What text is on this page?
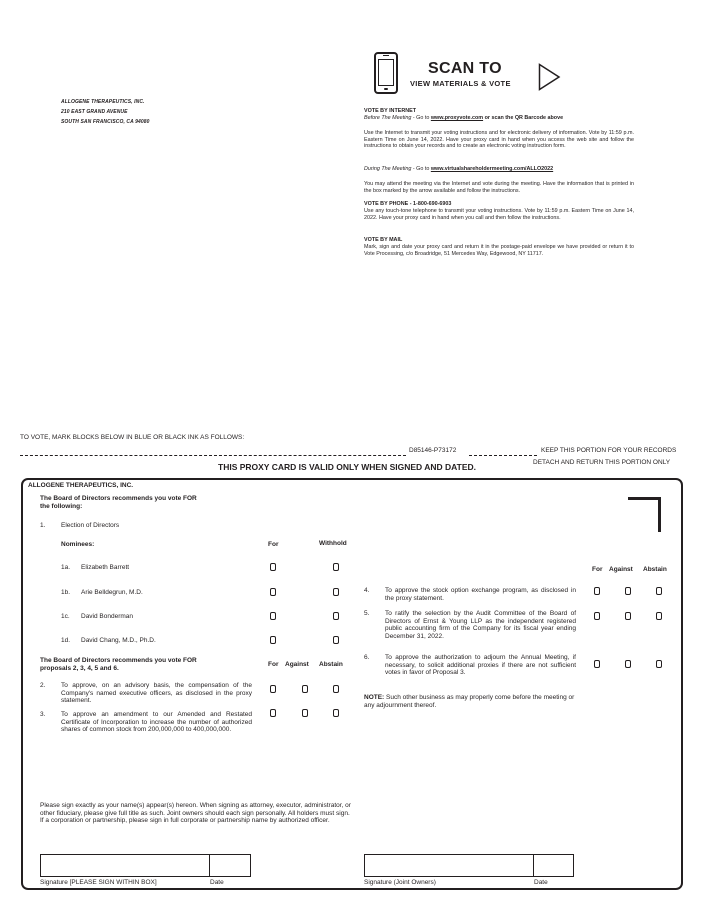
ALLOGENE THERAPEUTICS, INC.
210 EAST GRAND AVENUE
SOUTH SAN FRANCISCO, CA 94080
SCAN TO
VIEW MATERIALS & VOTE
VOTE BY INTERNET
Before The Meeting - Go to www.proxyvote.com or scan the QR Barcode above
Use the Internet to transmit your voting instructions and for electronic delivery of information. Vote by 11:59 p.m. Eastern Time on June 14, 2022. Have your proxy card in hand when you access the web site and follow the instructions to obtain your records and to create an electronic voting instruction form.
During The Meeting - Go to www.virtualshareholdermeeting.com/ALLO2022
You may attend the meeting via the Internet and vote during the meeting. Have the information that is printed in the box marked by the arrow available and follow the instructions.
VOTE BY PHONE - 1-800-690-6903
Use any touch-tone telephone to transmit your voting instructions. Vote by 11:59 p.m. Eastern Time on June 14, 2022. Have your proxy card in hand when you call and then follow the instructions.
VOTE BY MAIL
Mark, sign and date your proxy card and return it in the postage-paid envelope we have provided or return it to Vote Processing, c/o Broadridge, 51 Mercedes Way, Edgewood, NY 11717.
TO VOTE, MARK BLOCKS BELOW IN BLUE OR BLACK INK AS FOLLOWS:
D85146-P73172	KEEP THIS PORTION FOR YOUR RECORDS
DETACH AND RETURN THIS PORTION ONLY
THIS PROXY CARD IS VALID ONLY WHEN SIGNED AND DATED.
ALLOGENE THERAPEUTICS, INC.
The Board of Directors recommends you vote FOR
the following:
1. Election of Directors
Nominees:	For	Withhold
1a. Elizabeth Barrett
1b. Arie Belldegrun, M.D.
1c. David Bonderman
1d. David Chang, M.D., Ph.D.
The Board of Directors recommends you vote FOR
proposals 2, 3, 4, 5 and 6.
For Against Abstain
2. To approve, on an advisory basis, the compensation of the Company's named executive officers, as disclosed in the proxy statement.
3. To approve an amendment to our Amended and Restated Certificate of Incorporation to increase the number of authorized shares of common stock from 200,000,000 to 400,000,000.
For Against Abstain
4. To approve the stock option exchange program, as disclosed in the proxy statement.
5. To ratify the selection by the Audit Committee of the Board of Directors of Ernst & Young LLP as the independent registered public accounting firm of the Company for its fiscal year ending December 31, 2022.
6. To approve the authorization to adjourn the Annual Meeting, if necessary, to solicit additional proxies if there are not sufficient votes in favor of Proposal 3.
NOTE: Such other business as may properly come before the meeting or any adjournment thereof.
Please sign exactly as your name(s) appear(s) hereon. When signing as attorney, executor, administrator, or other fiduciary, please give full title as such. Joint owners should each sign personally. All holders must sign. If a corporation or partnership, please sign in full corporate or partnership name by authorized officer.
Signature [PLEASE SIGN WITHIN BOX]	Date	Signature (Joint Owners)	Date
